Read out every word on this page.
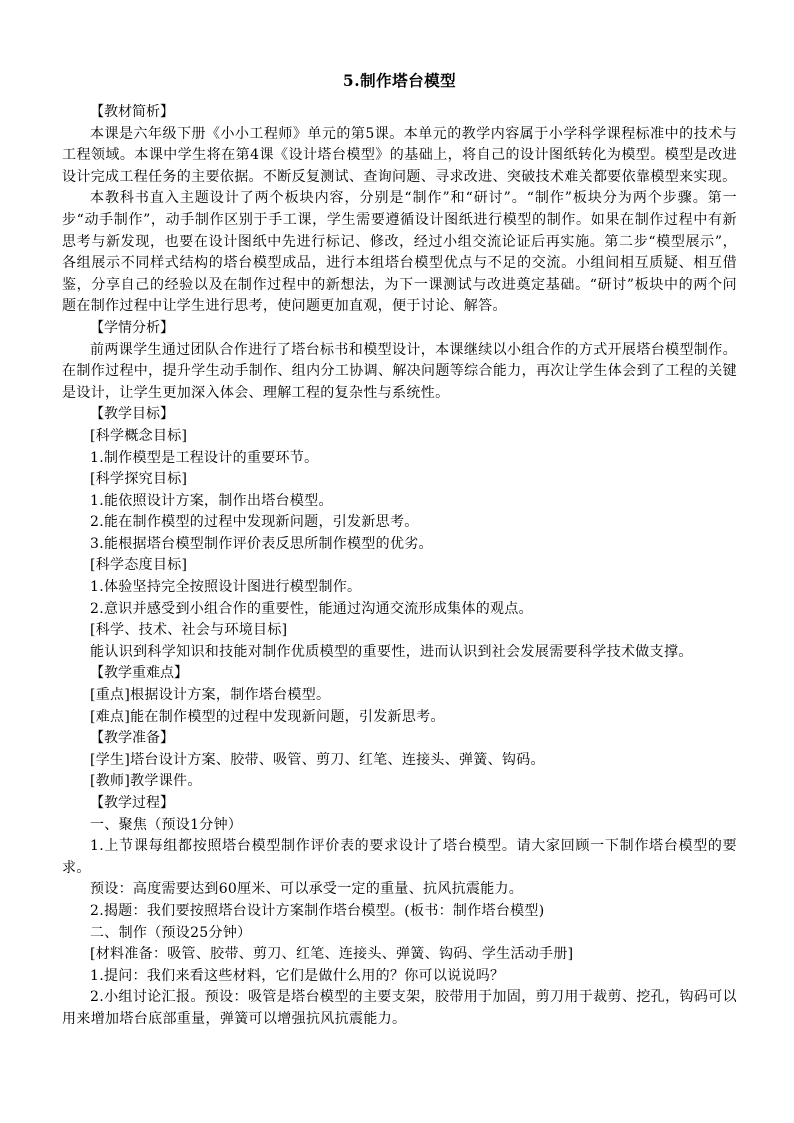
5.制作塔台模型

【教材简析】

本课是六年级下册《小小工程师》单元的第5课。本单元的教学内容属于小学科学课程标准中的技术与工程领域。本课中学生将在第4课《设计塔台模型》的基础上，将自己的设计图纸转化为模型。模型是改进设计完成工程任务的主要依据。不断反复测试、查询问题、寻求改进、突破技术难关都要依靠模型来实现。

本教科书直入主题设计了两个板块内容，分别是“制作”和“研讨”。“制作”板块分为两个步骤。第一步“动手制作”，动手制作区别于手工课，学生需要遵循设计图纸进行模型的制作。如果在制作过程中有新思考与新发现，也要在设计图纸中先进行标记、修改，经过小组交流论证后再实施。第二步“模型展示”，各组展示不同样式结构的塔台模型成品，进行本组塔台模型优点与不足的交流。小组间相互质疑、相互借鉴，分享自己的经验以及在制作过程中的新想法，为下一课测试与改进奠定基础。“研讨”板块中的两个问题在制作过程中让学生进行思考，使问题更加直观，便于讨论、解答。

【学情分析】

前两课学生通过团队合作进行了塔台标书和模型设计，本课继续以小组合作的方式开展塔台模型制作。在制作过程中，提升学生动手制作、组内分工协调、解决问题等综合能力，再次让学生体会到了工程的关键是设计，让学生更加深入体会、理解工程的复杂性与系统性。

【教学目标】

[科学概念目标]

1.制作模型是工程设计的重要环节。

[科学探究目标]

1.能依照设计方案，制作出塔台模型。

2.能在制作模型的过程中发现新问题，引发新思考。

3.能根据塔台模型制作评价表反思所制作模型的优劣。

[科学态度目标]

1.体验坚持完全按照设计图进行模型制作。

2.意识并感受到小组合作的重要性，能通过沟通交流形成集体的观点。

[科学、技术、社会与环境目标]

能认识到科学知识和技能对制作优质模型的重要性，进而认识到社会发展需要科学技术做支撑。

【教学重难点】

[重点]根据设计方案，制作塔台模型。

[难点]能在制作模型的过程中发现新问题，引发新思考。

【教学准备】

[学生]塔台设计方案、胶带、吸管、剪刀、红笔、连接头、弹簧、钩码。

[教师]教学课件。

【教学过程】

一、聚焦（预设1分钟）

1.上节课每组都按照塔台模型制作评价表的要求设计了塔台模型。请大家回顾一下制作塔台模型的要求。

预设：高度需要达到60厘米、可以承受一定的重量、抗风抗震能力。

2.揭题：我们要按照塔台设计方案制作塔台模型。(板书：制作塔台模型)

二、制作（预设25分钟）

[材料准备：吸管、胶带、剪刀、红笔、连接头、弹簧、钩码、学生活动手册]

1.提问：我们来看这些材料，它们是做什么用的？你可以说说吗？

2.小组讨论汇报。预设：吸管是塔台模型的主要支架，胶带用于加固，剪刀用于裁剪、挖孔，钩码可以用来增加塔台底部重量，弹簧可以增强抗风抗震能力。
